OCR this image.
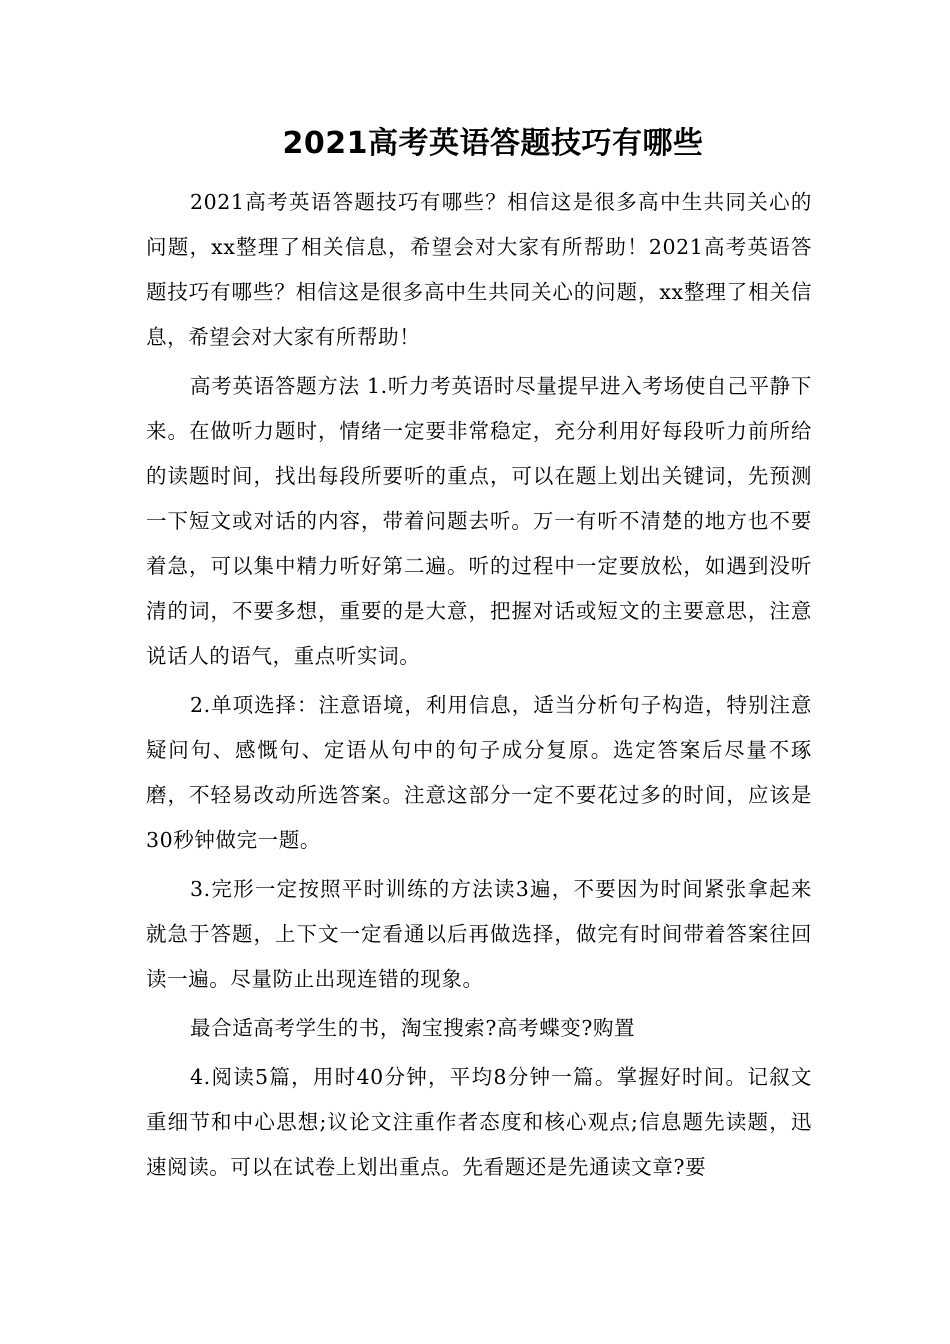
2021高考英语答题技巧有哪些

2021高考英语答题技巧有哪些？相信这是很多高中生共同关心的问题，xx整理了相关信息，希望会对大家有所帮助！2021高考英语答题技巧有哪些？相信这是很多高中生共同关心的问题，xx整理了相关信息，希望会对大家有所帮助！

高考英语答题方法 1.听力考英语时尽量提早进入考场使自己平静下来。在做听力题时，情绪一定要非常稳定，充分利用好每段听力前所给的读题时间，找出每段所要听的重点，可以在题上划出关键词，先预测一下短文或对话的内容，带着问题去听。万一有听不清楚的地方也不要着急，可以集中精力听好第二遍。听的过程中一定要放松，如遇到没听清的词，不要多想，重要的是大意，把握对话或短文的主要意思，注意说话人的语气，重点听实词。

2.单项选择：注意语境，利用信息，适当分析句子构造，特别注意疑问句、感慨句、定语从句中的句子成分复原。选定答案后尽量不琢磨，不轻易改动所选答案。注意这部分一定不要花过多的时间，应该是30秒钟做完一题。

3.完形一定按照平时训练的方法读3遍，不要因为时间紧张拿起来就急于答题，上下文一定看通以后再做选择，做完有时间带着答案往回读一遍。尽量防止出现连错的现象。

最合适高考学生的书，淘宝搜索?高考蝶变?购置

4.阅读5篇，用时40分钟，平均8分钟一篇。掌握好时间。记叙文重细节和中心思想;议论文注重作者态度和核心观点;信息题先读题，迅速阅读。可以在试卷上划出重点。先看题还是先通读文章?要
